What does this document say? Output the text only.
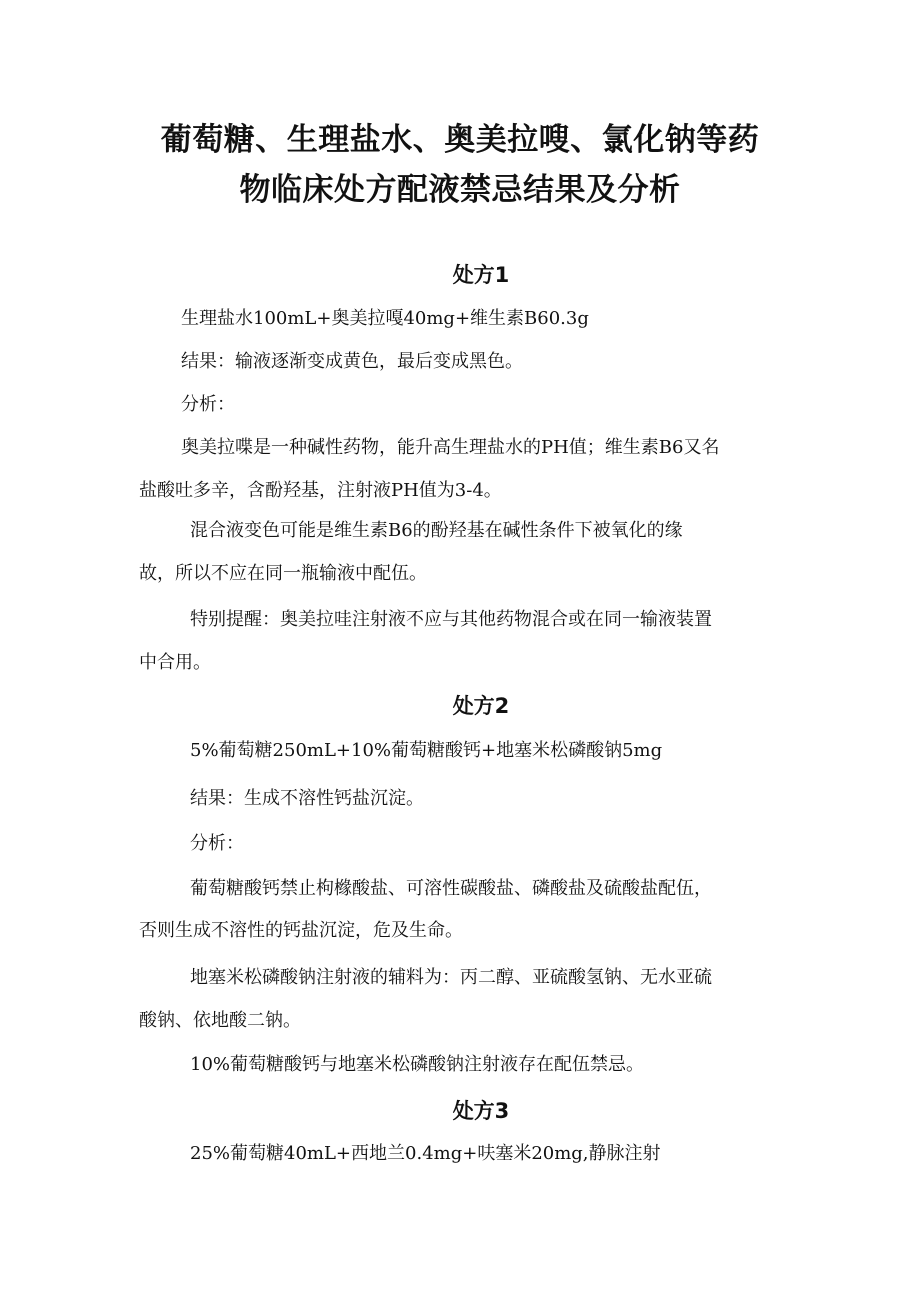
葡萄糖、生理盐水、奥美拉嗖、氯化钠等药
物临床处方配液禁忌结果及分析
处方1

生理盐水100mL+奥美拉嘎40mg+维生素B60.3g

结果：输液逐渐变成黄色，最后变成黑色。

分析：

奥美拉喋是一种碱性药物，能升高生理盐水的PH值；维生素B6又名

盐酸吐多辛，含酚羟基，注射液PH值为3-4。

混合液变色可能是维生素B6的酚羟基在碱性条件下被氧化的缘

故，所以不应在同一瓶输液中配伍。

特别提醒：奥美拉哇注射液不应与其他药物混合或在同一输液装置

中合用。

处方2

5%葡萄糖250mL+10%葡萄糖酸钙+地塞米松磷酸钠5mg

结果：生成不溶性钙盐沉淀。

分析：

葡萄糖酸钙禁止枸橼酸盐、可溶性碳酸盐、磷酸盐及硫酸盐配伍，

否则生成不溶性的钙盐沉淀，危及生命。

地塞米松磷酸钠注射液的辅料为：丙二醇、亚硫酸氢钠、无水亚硫

酸钠、依地酸二钠。

10%葡萄糖酸钙与地塞米松磷酸钠注射液存在配伍禁忌。

处方3

25%葡萄糖40mL+西地兰0.4mg+呋塞米20mg,静脉注射
